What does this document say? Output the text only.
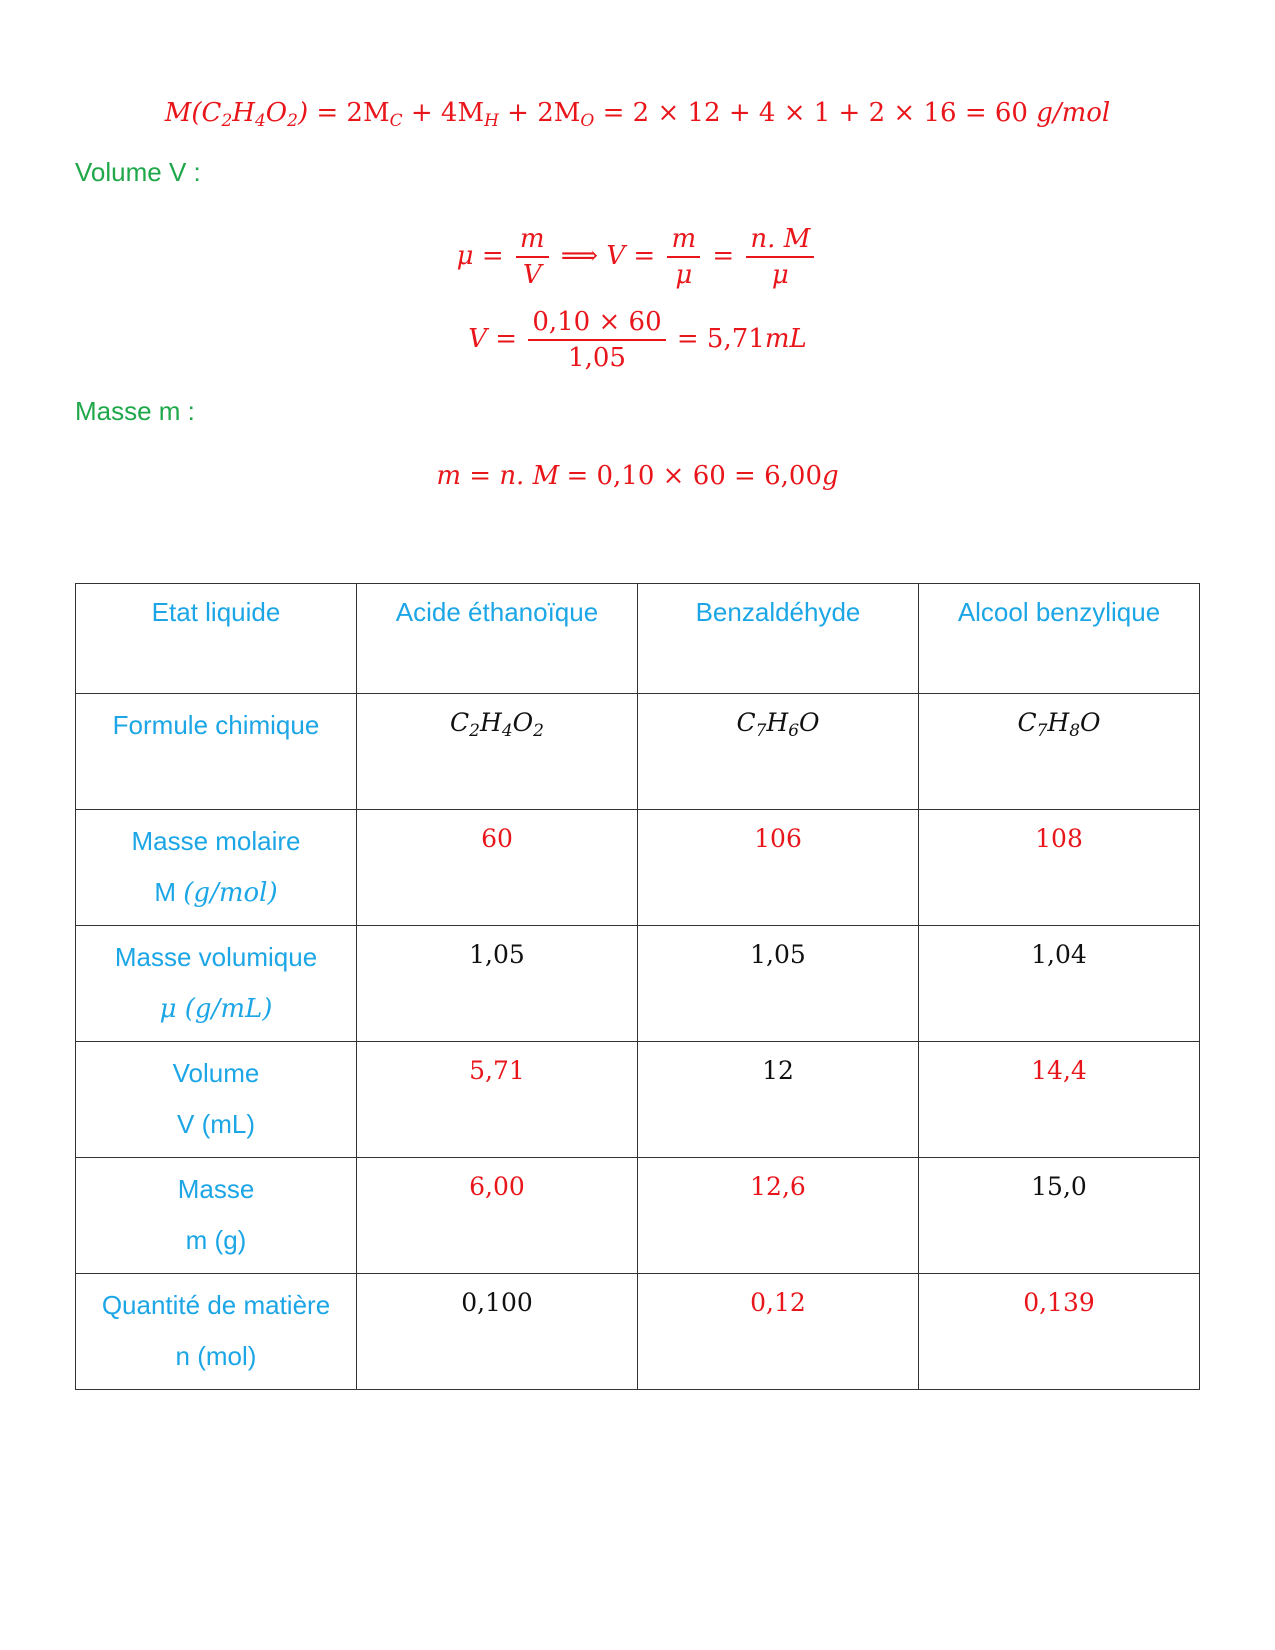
$M(C_2H_4O_2) = 2M_C + 4M_H + 2M_O = 2 \times 12 + 4 \times 1 + 2 \times 16 = 60$ g/mol
Volume V :
$\mu = \frac{m}{V}$ ⟹ $V = \frac{m}{\mu} = \frac{n. M}{\mu}$
$V = \frac{0,10 \times 60}{1,05} = 5,71mL$
Masse m :
m = n. M = 0,10 × 60 = 6,00g
Etat liquide	Acide éthanoïque	Benzaldéhyde	Alcool benzylique
Formule chimique	$C_2H_4O_2$	$C_7H_6O$	$C_7H_8O$
Masse molaire
M (g/mol)	60	106	108
Masse volumique
μ (g/mL)	1,05	1,05	1,04
Volume
V (mL)	5,71	12	14,4
Masse
m (g)	6,00	12,6	15,0
Quantité de matière
n (mol)	0,100	0,12	0,139
